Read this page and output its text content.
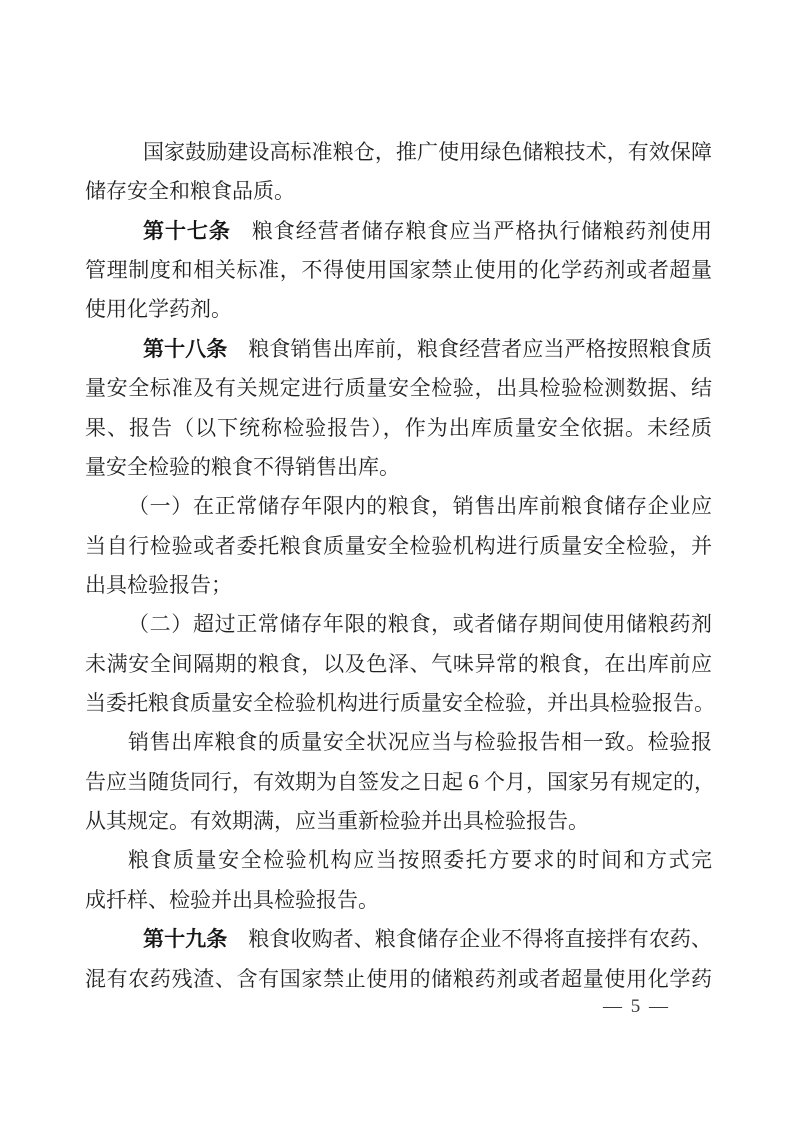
国家鼓励建设高标准粮仓，推广使用绿色储粮技术，有效保障
储存安全和粮食品质。

第十七条 粮食经营者储存粮食应当严格执行储粮药剂使用
管理制度和相关标准，不得使用国家禁止使用的化学药剂或者超量
使用化学药剂。

第十八条 粮食销售出库前，粮食经营者应当严格按照粮食质
量安全标准及有关规定进行质量安全检验，出具检验检测数据、结
果、报告（以下统称检验报告），作为出库质量安全依据。未经质
量安全检验的粮食不得销售出库。

（一）在正常储存年限内的粮食，销售出库前粮食储存企业应
当自行检验或者委托粮食质量安全检验机构进行质量安全检验，并
出具检验报告；

（二）超过正常储存年限的粮食，或者储存期间使用储粮药剂
未满安全间隔期的粮食，以及色泽、气味异常的粮食，在出库前应
当委托粮食质量安全检验机构进行质量安全检验，并出具检验报告。

销售出库粮食的质量安全状况应当与检验报告相一致。检验报
告应当随货同行，有效期为自签发之日起 6 个月，国家另有规定的，
从其规定。有效期满，应当重新检验并出具检验报告。

粮食质量安全检验机构应当按照委托方要求的时间和方式完
成扦样、检验并出具检验报告。

第十九条 粮食收购者、粮食储存企业不得将直接拌有农药、
混有农药残渣、含有国家禁止使用的储粮药剂或者超量使用化学药

— 5 —
